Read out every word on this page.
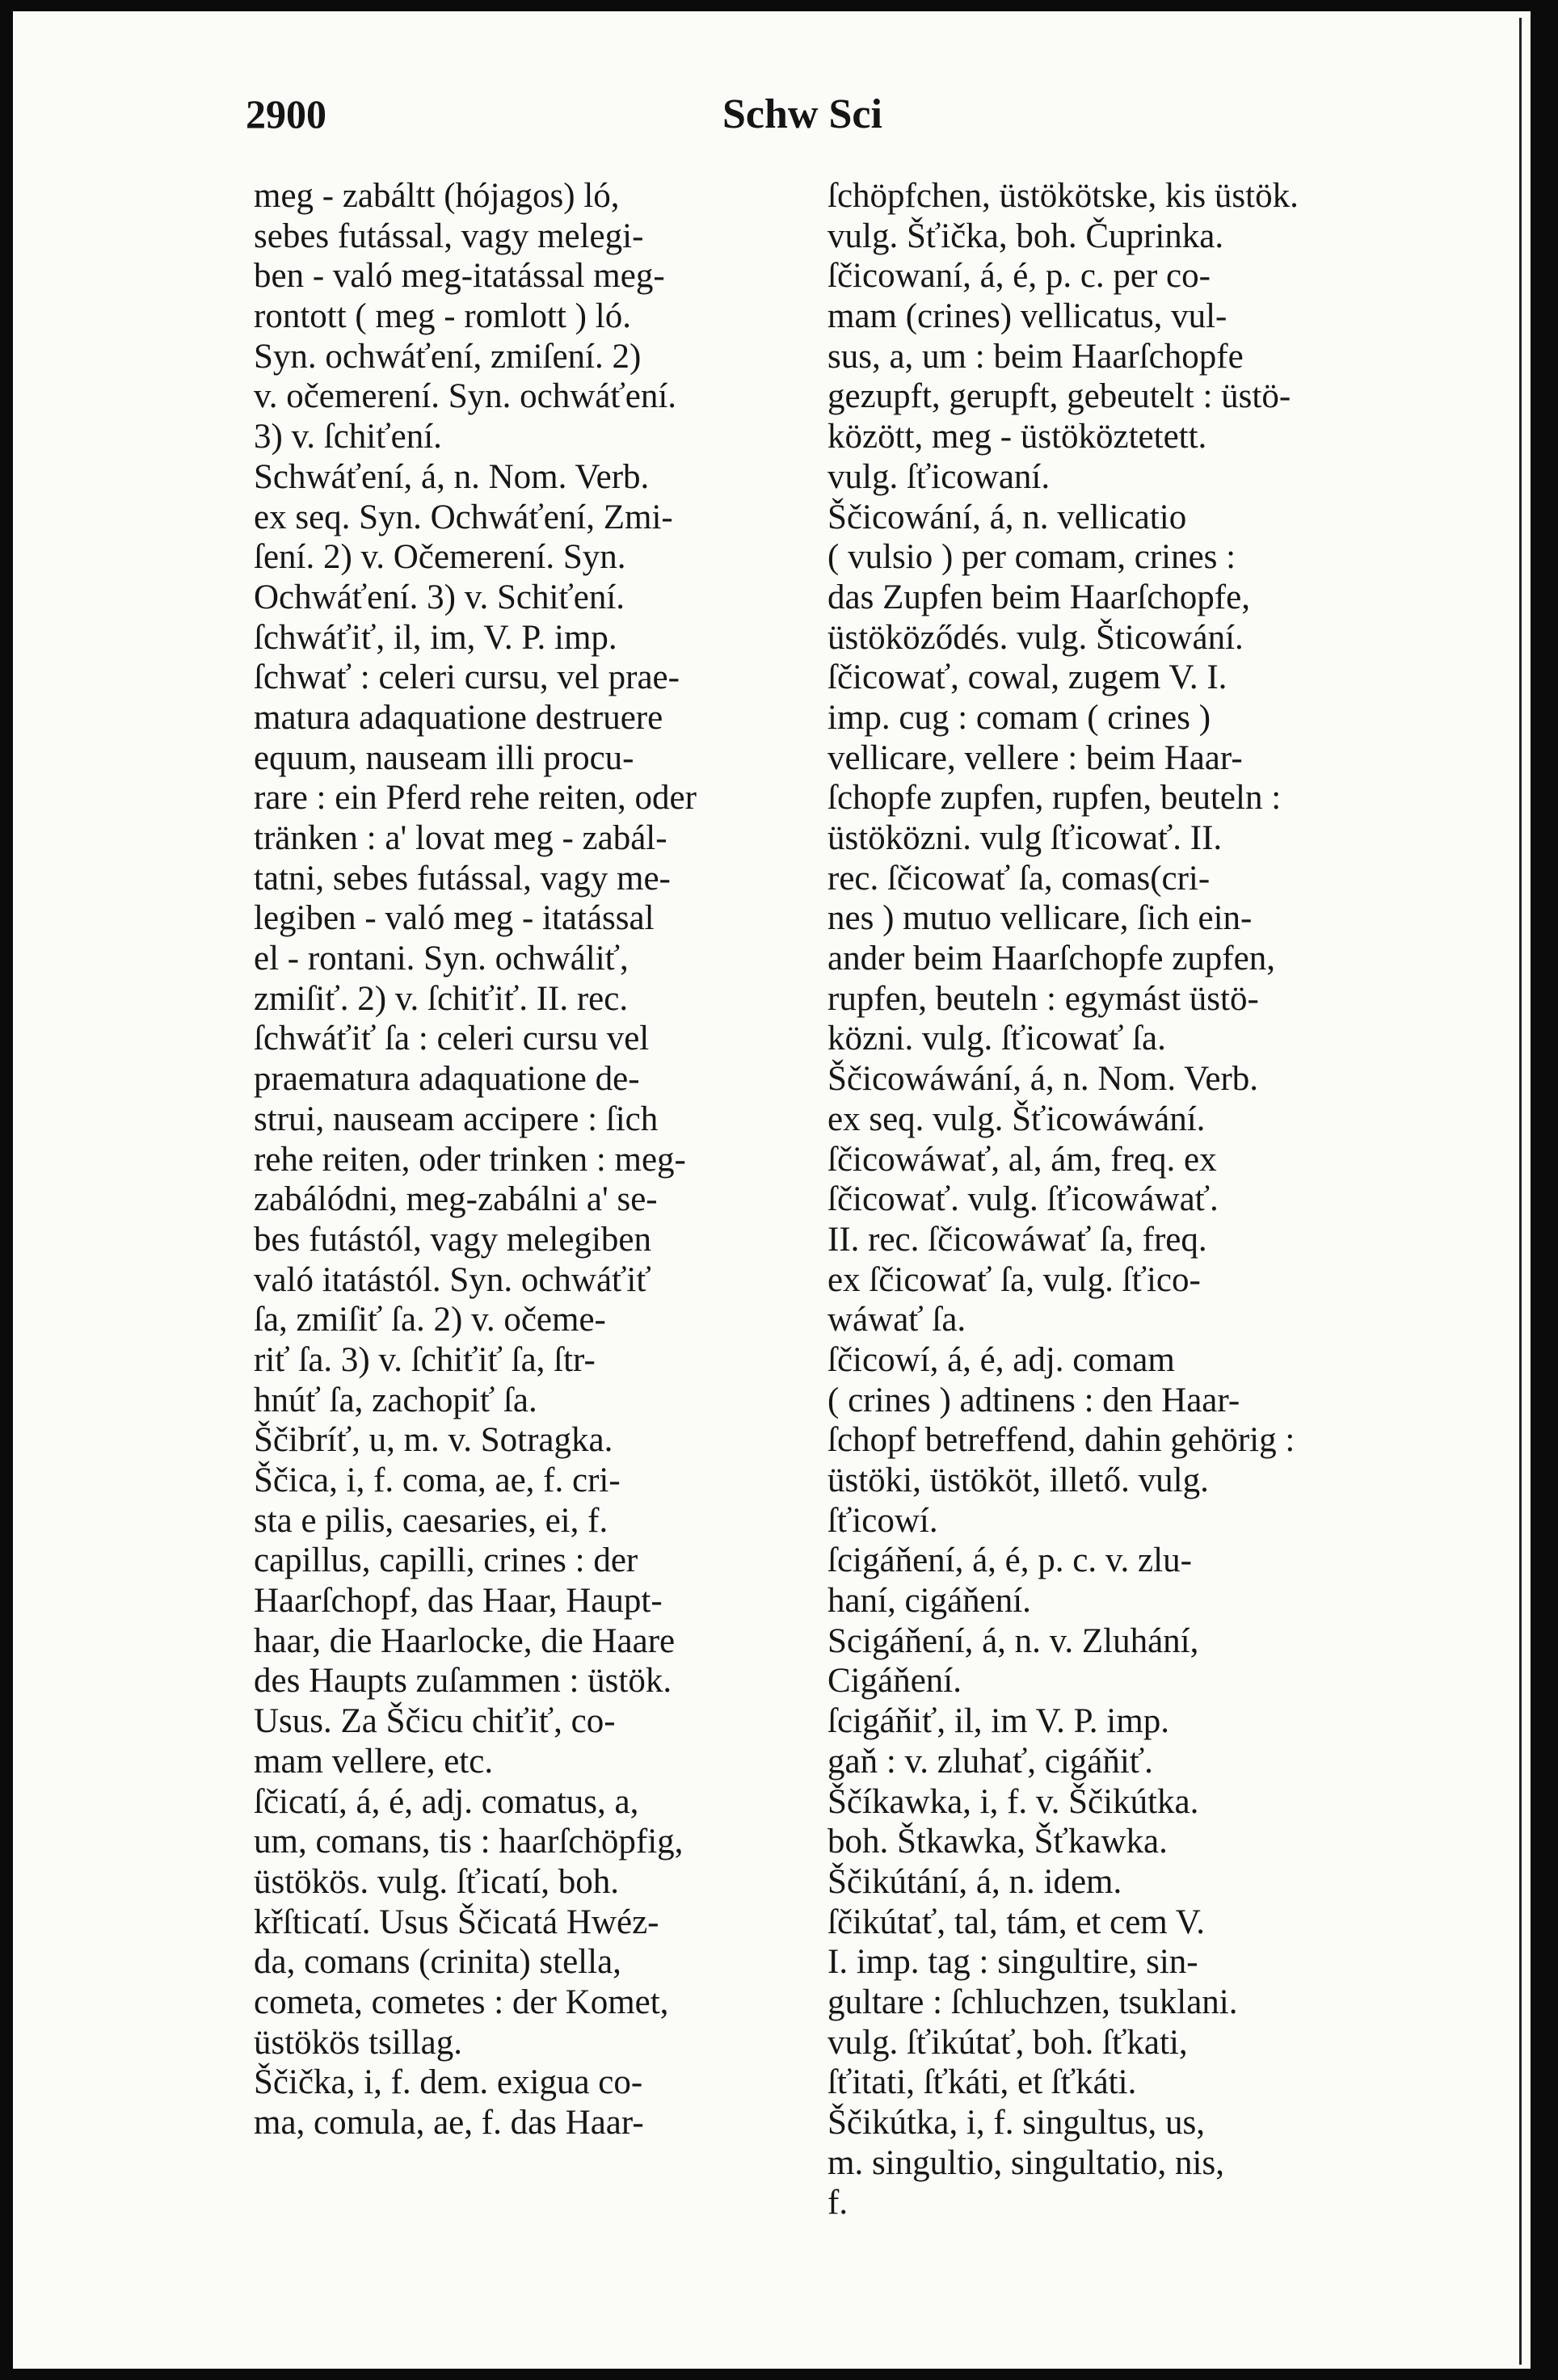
2900	Schw Sci
meg - zabáltt (hójagos) ló,
sebes futással, vagy melegi-
ben - való meg-itatással meg-
rontott ( meg - romlott ) ló.
Syn. ochwáťení, zmiſení. 2)
v. očemerení. Syn. ochwáťení.
3) v. ſchiťení.
Schwáťení, á, n. Nom. Verb.
ex seq. Syn. Ochwáťení, Zmi-
ſení. 2) v. Očemerení. Syn.
Ochwáťení. 3) v. Schiťení.
ſchwáťiť, il, im, V. P. imp.
ſchwať : celeri cursu, vel prae-
matura adaquatione destruere
equum, nauseam illi procu-
rare : ein Pferd rehe reiten, oder
tränken : a' lovat meg - zabál-
tatni, sebes futással, vagy me-
legiben - való meg - itatással
el - rontani. Syn. ochwáliť,
zmiſiť. 2) v. ſchiťiť. II. rec.
ſchwáťiť ſa : celeri cursu vel
praematura adaquatione de-
strui, nauseam accipere : ſich
rehe reiten, oder trinken : meg-
zabálódni, meg-zabálni a' se-
bes futástól, vagy melegiben
való itatástól. Syn. ochwáťiť
ſa, zmiſiť ſa. 2) v. očeme-
riť ſa. 3) v. ſchiťiť ſa, ſtr-
hnúť ſa, zachopiť ſa.
Ščibríť, u, m. v. Sotragka.
Ščica, i, f. coma, ae, f. cri-
sta e pilis, caesaries, ei, f.
capillus, capilli, crines : der
Haarſchopf, das Haar, Haupt-
haar, die Haarlocke, die Haare
des Haupts zuſammen : üstök.
Usus. Za Ščicu chiťiť, co-
mam vellere, etc.
ſčicatí, á, é, adj. comatus, a,
um, comans, tis : haarſchöpfig,
üstökös. vulg. ſťicatí, boh.
křſticatí. Usus Ščicatá Hwéz-
da, comans (crinita) stella,
cometa, cometes : der Komet,
üstökös tsillag.
Ščička, i, f. dem. exigua co-
ma, comula, ae, f. das Haar-
ſchöpfchen, üstökötske, kis üstök.
vulg. Šťička, boh. Čuprinka.
ſčicowaní, á, é, p. c. per co-
mam (crines) vellicatus, vul-
sus, a, um : beim Haarſchopfe
gezupft, gerupft, gebeutelt : üstö-
között, meg - üstököztetett.
vulg. ſťicowaní.
Ščicowání, á, n. vellicatio
( vulsio ) per comam, crines :
das Zupfen beim Haarſchopfe,
üstököződés. vulg. Šticowání.
ſčicowať, cowal, zugem V. I.
imp. cug : comam ( crines )
vellicare, vellere : beim Haar-
ſchopfe zupfen, rupfen, beuteln :
üstöközni. vulg ſťicowať. II.
rec. ſčicowať ſa, comas(cri-
nes ) mutuo vellicare, ſich ein-
ander beim Haarſchopfe zupfen,
rupfen, beuteln : egymást üstö-
közni. vulg. ſťicowať ſa.
Ščicowáwání, á, n. Nom. Verb.
ex seq. vulg. Šťicowáwání.
ſčicowáwať, al, ám, freq. ex
ſčicowať. vulg. ſťicowáwať.
II. rec. ſčicowáwať ſa, freq.
ex ſčicowať ſa, vulg. ſťico-
wáwať ſa.
ſčicowí, á, é, adj. comam
( crines ) adtinens : den Haar-
ſchopf betreffend, dahin gehörig :
üstöki, üstököt, illető. vulg.
ſťicowí.
ſcigáňení, á, é, p. c. v. zlu-
haní, cigáňení.
Scigáňení, á, n. v. Zluhání,
Cigáňení.
ſcigáňiť, il, im V. P. imp.
gaň : v. zluhať, cigáňiť.
Ščíkawka, i, f. v. Ščikútka.
boh. Štkawka, Šťkawka.
Ščikútání, á, n. idem.
ſčikútať, tal, tám, et cem V.
I. imp. tag : singultire, sin-
gultare : ſchluchzen, tsuklani.
vulg. ſťikútať, boh. ſťkati,
ſťitati, ſťkáti, et ſťkáti.
Ščikútka, i, f. singultus, us,
m. singultio, singultatio, nis,
f.
